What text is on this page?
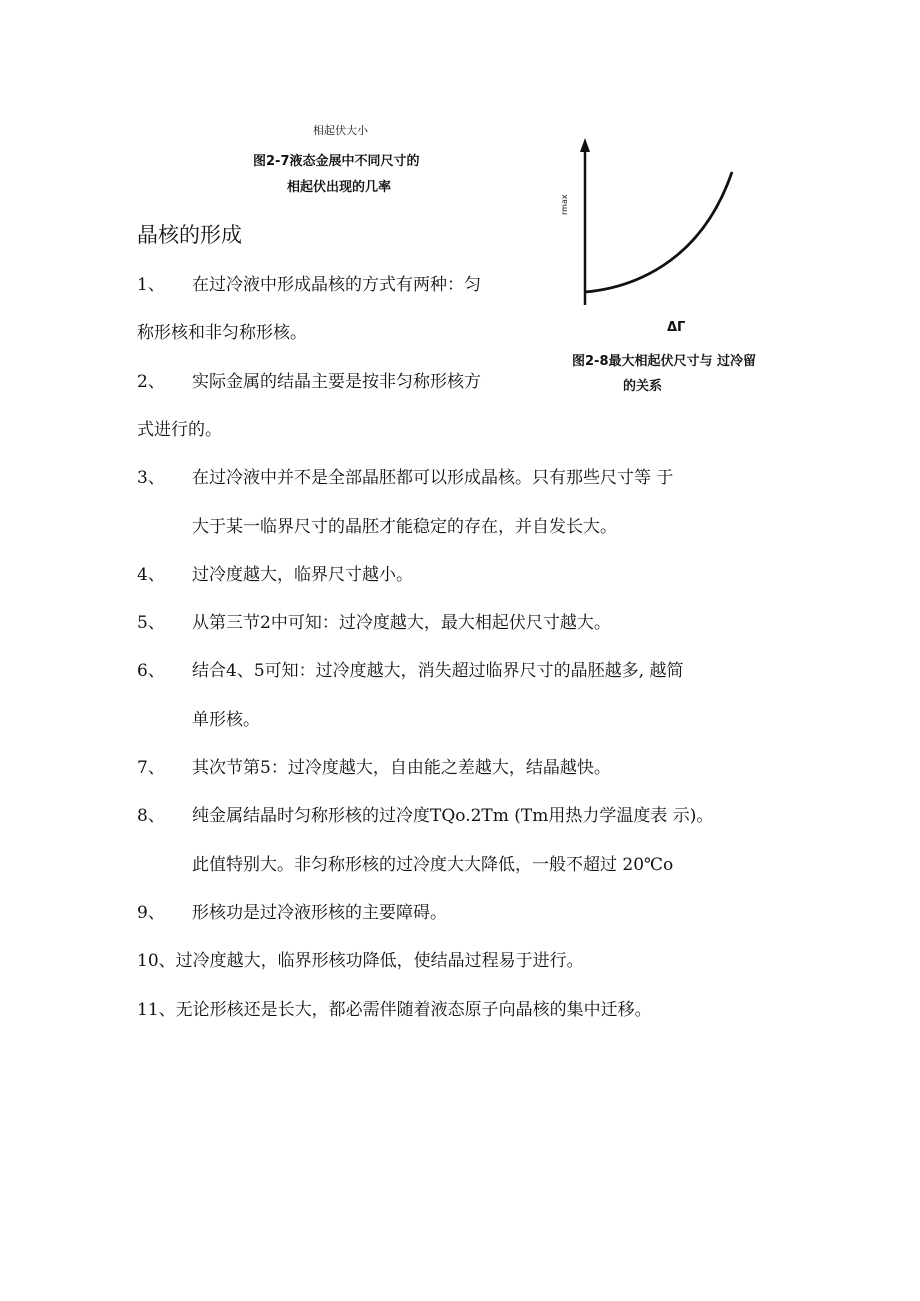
相起伏大小
图2-7液态金展中不同尺寸的
相起伏出现的几率
rmax
ΔΓ
图2-8最大相起伏尺寸与 过冷留
的关系
晶核的形成
1、 在过冷液中形成晶核的方式有两种：匀
称形核和非匀称形核。
2、 实际金属的结晶主要是按非匀称形核方
式进行的。
3、 在过冷液中并不是全部晶胚都可以形成晶核。只有那些尺寸等 于
大于某一临界尺寸的晶胚才能稳定的存在，并自发长大。
4、 过冷度越大，临界尺寸越小。
5、 从第三节2中可知：过冷度越大，最大相起伏尺寸越大。
6、 结合4、5可知：过冷度越大，消失超过临界尺寸的晶胚越多, 越简
单形核。
7、 其次节第5：过冷度越大，自由能之差越大，结晶越快。
8、 纯金属结晶时匀称形核的过冷度TQo.2Tm (Tm用热力学温度表 示)。
此值特别大。非匀称形核的过冷度大大降低，一般不超过 20℃o
9、 形核功是过冷液形核的主要障碍。
10、过冷度越大，临界形核功降低，使结晶过程易于进行。
11、无论形核还是长大，都必需伴随着液态原子向晶核的集中迁移。
